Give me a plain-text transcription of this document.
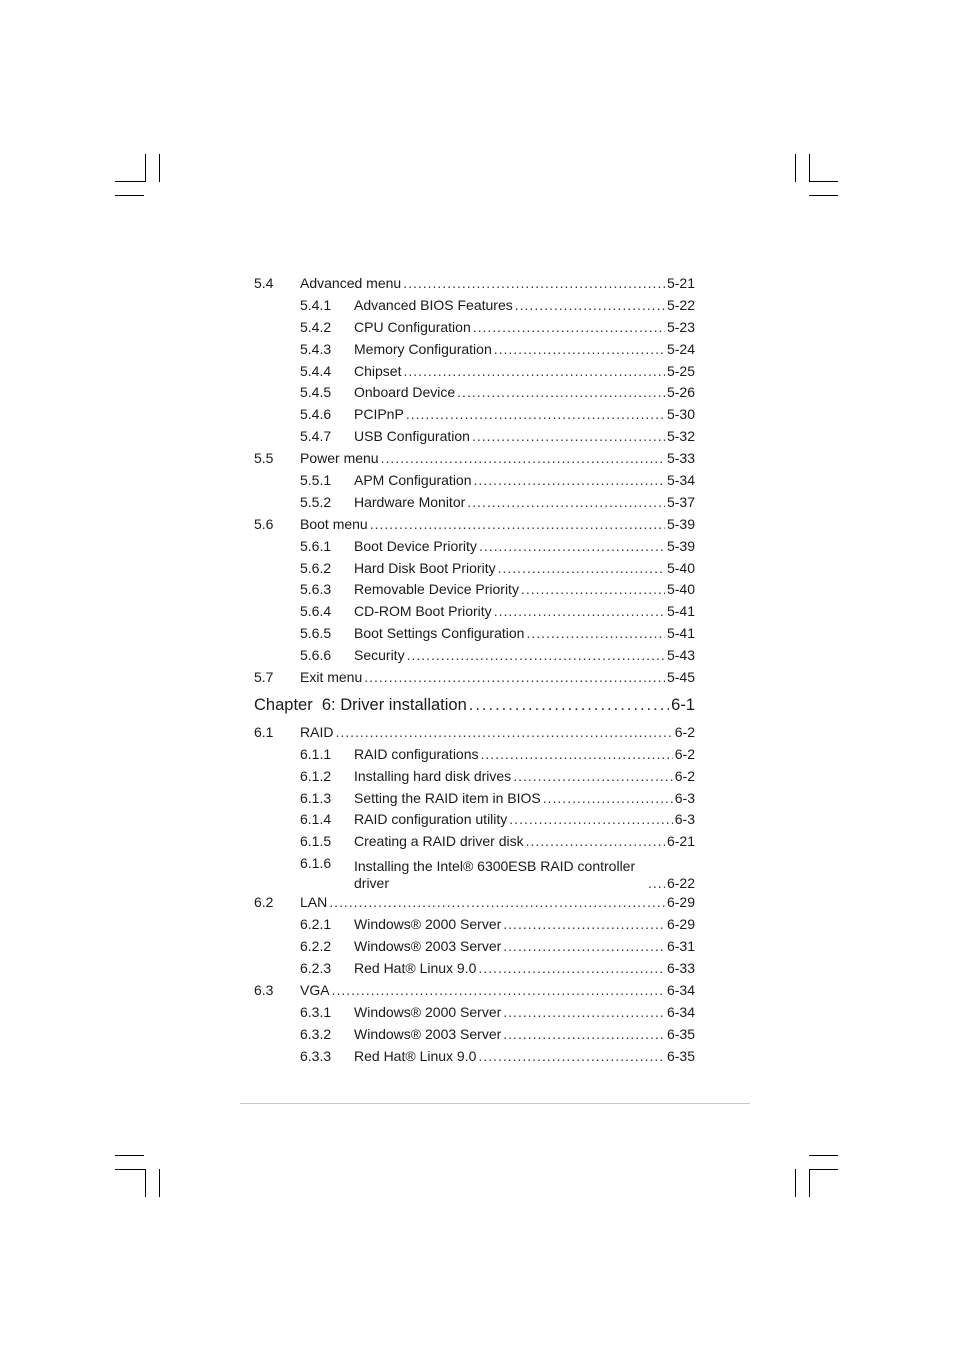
5.4 Advanced menu .....	5-21
5.4.1 Advanced BIOS Features .....	5-22
5.4.2 CPU Configuration .....	5-23
5.4.3 Memory Configuration .....	5-24
5.4.4 Chipset .....	5-25
5.4.5 Onboard Device .....	5-26
5.4.6 PCIPnP .....	5-30
5.4.7 USB Configuration .....	5-32
5.5 Power menu .....	5-33
5.5.1 APM Configuration .....	5-34
5.5.2 Hardware Monitor .....	5-37
5.6 Boot menu .....	5-39
5.6.1 Boot Device Priority .....	5-39
5.6.2 Hard Disk Boot Priority .....	5-40
5.6.3 Removable Device Priority .....	5-40
5.6.4 CD-ROM Boot Priority .....	5-41
5.6.5 Boot Settings Configuration .....	5-41
5.6.6 Security .....	5-43
5.7 Exit menu .....	5-45
Chapter  6: Driver installation .....	6-1
6.1 RAID .....	6-2
6.1.1 RAID configurations .....	6-2
6.1.2 Installing hard disk drives .....	6-2
6.1.3 Setting the RAID item in BIOS .....	6-3
6.1.4 RAID configuration utility .....	6-3
6.1.5 Creating a RAID driver disk .....	6-21
6.1.6 Installing the Intel® 6300ESB RAID controller driver .....	6-22
6.2 LAN .....	6-29
6.2.1 Windows® 2000 Server .....	6-29
6.2.2 Windows® 2003 Server .....	6-31
6.2.3 Red Hat® Linux 9.0 .....	6-33
6.3 VGA .....	6-34
6.3.1 Windows® 2000 Server .....	6-34
6.3.2 Windows® 2003 Server .....	6-35
6.3.3 Red Hat® Linux 9.0 .....	6-35
